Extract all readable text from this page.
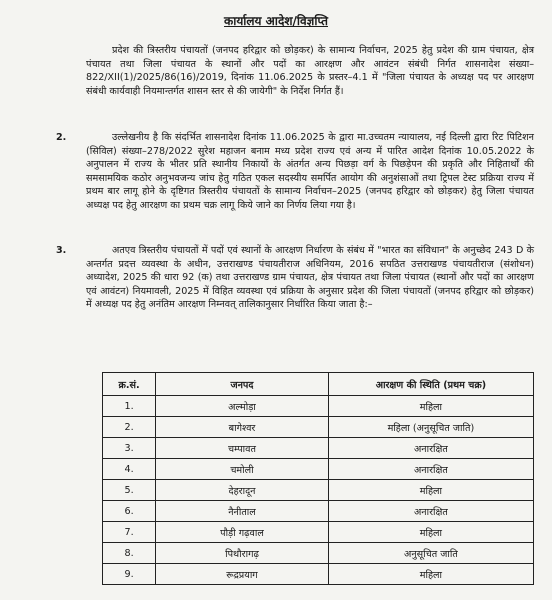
कार्यालय आदेश/विज्ञप्ति
प्रदेश की त्रिस्तरीय पंचायतों (जनपद हरिद्वार को छोड़कर) के सामान्य निर्वाचन, 2025 हेतु प्रदेश की ग्राम पंचायत, क्षेत्र पंचायत तथा जिला पंचायत के स्थानों और पदों का आरक्षण और आवंटन संबंधी निर्गत शासनादेश संख्या–822/XII(1)/2025/86(16)/2019, दिनांक 11.06.2025 के प्रस्तर–4.1 में "जिला पंचायत के अध्यक्ष पद पर आरक्षण संबंधी कार्यवाही नियमान्तर्गत शासन स्तर से की जायेगी" के निर्देश निर्गत हैं।
2.	उल्लेखनीय है कि संदर्भित शासनादेश दिनांक 11.06.2025 के द्वारा मा.उच्चतम न्यायालय, नई दिल्ली द्वारा रिट पिटिशन (सिविल) संख्या–278/2022 सुरेश महाजन बनाम मध्य प्रदेश राज्य एवं अन्य में पारित आदेश दिनांक 10.05.2022 के अनुपालन में राज्य के भीतर प्रति स्थानीय निकायों के अंतर्गत अन्य पिछड़ा वर्ग के पिछड़ेपन की प्रकृति और निहितार्थों की समसामयिक कठोर अनुभवजन्य जांच हेतु गठित एकल सदस्यीय समर्पित आयोग की अनुशंसाओं तथा ट्रिपल टेस्ट प्रक्रिया राज्य में प्रथम बार लागू होने के दृष्टिगत त्रिस्तरीय पंचायतों के सामान्य निर्वाचन–2025 (जनपद हरिद्वार को छोड़कर) हेतु जिला पंचायत अध्यक्ष पद हेतु आरक्षण का प्रथम चक्र लागू किये जाने का निर्णय लिया गया है।
3.	अतएव त्रिस्तरीय पंचायतों में पदों एवं स्थानों के आरक्षण निर्धारण के संबंध में "भारत का संविधान" के अनुच्छेद 243 D के अन्तर्गत प्रदत्त व्यवस्था के अधीन, उत्तराखण्ड पंचायतीराज अधिनियम, 2016 सपठित उत्तराखण्ड पंचायतीराज (संशोधन) अध्यादेश, 2025 की धारा 92 (क) तथा उत्तराखण्ड ग्राम पंचायत, क्षेत्र पंचायत तथा जिला पंचायत (स्थानों और पदों का आरक्षण एवं आवंटन) नियमावली, 2025 में विहित व्यवस्था एवं प्रक्रिया के अनुसार प्रदेश की जिला पंचायतों (जनपद हरिद्वार को छोड़कर) में अध्यक्ष पद हेतु अनंतिम आरक्षण निम्नवत् तालिकानुसार निर्धारित किया जाता है:–
क्र.सं.	जनपद	आरक्षण की स्थिति (प्रथम चक्र)
1.	अल्मोड़ा	महिला
2.	बागेश्वर	महिला (अनुसूचित जाति)
3.	चम्पावत	अनारक्षित
4.	चमोली	अनारक्षित
5.	देहरादून	महिला
6.	नैनीताल	अनारक्षित
7.	पौड़ी गढ़वाल	महिला
8.	पिथौरागढ़	अनुसूचित जाति
9.	रूद्रप्रयाग	महिला
